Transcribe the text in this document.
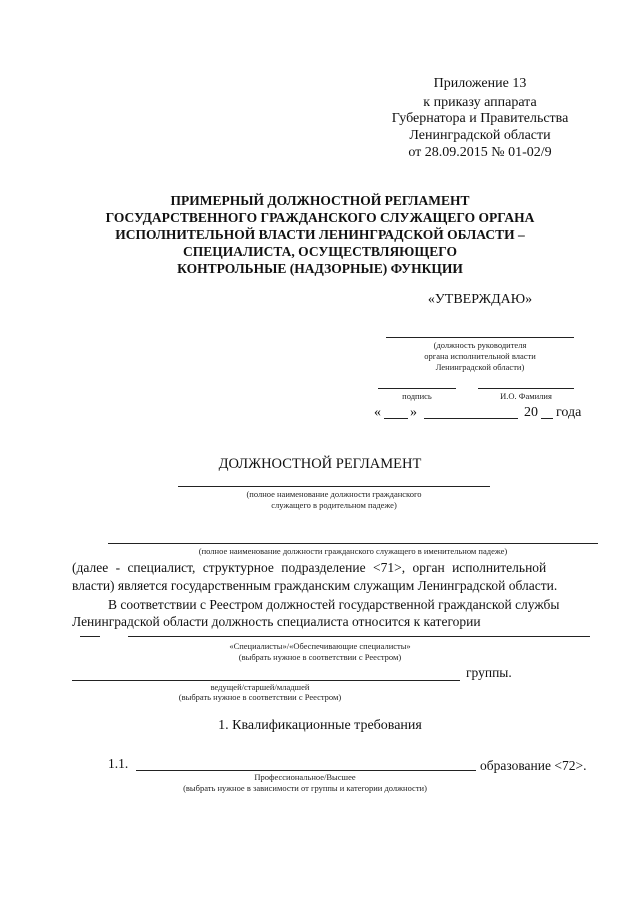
Приложение 13
к приказу аппарата
Губернатора и Правительства
Ленинградской области
от 28.09.2015 № 01-02/9
ПРИМЕРНЫЙ ДОЛЖНОСТНОЙ РЕГЛАМЕНТ
ГОСУДАРСТВЕННОГО ГРАЖДАНСКОГО СЛУЖАЩЕГО ОРГАНА
ИСПОЛНИТЕЛЬНОЙ ВЛАСТИ ЛЕНИНГРАДСКОЙ ОБЛАСТИ –
СПЕЦИАЛИСТА, ОСУЩЕСТВЛЯЮЩЕГО
КОНТРОЛЬНЫЕ (НАДЗОРНЫЕ) ФУНКЦИИ
«УТВЕРЖДАЮ»
(должность руководителя
органа исполнительной власти
Ленинградской области)
подпись	И.О. Фамилия
« »	20 года
ДОЛЖНОСТНОЙ РЕГЛАМЕНТ
(полное наименование должности гражданского
служащего в родительном падеже)
(полное наименование должности гражданского служащего в именительном падеже)
(далее - специалист, структурное подразделение <71>, орган исполнительной
власти) является государственным гражданским служащим Ленинградской области.
В соответствии с Реестром должностей государственной гражданской службы
Ленинградской области должность специалиста относится к категории
«Специалисты»/«Обеспечивающие специалисты»
(выбрать нужное в соответствии с Реестром)
группы.
ведущей/старшей/младшей
(выбрать нужное в соответствии с Реестром)
1. Квалификационные требования
1.1.	образование <72>.
Профессиональное/Высшее
(выбрать нужное в зависимости от группы и категории должности)
